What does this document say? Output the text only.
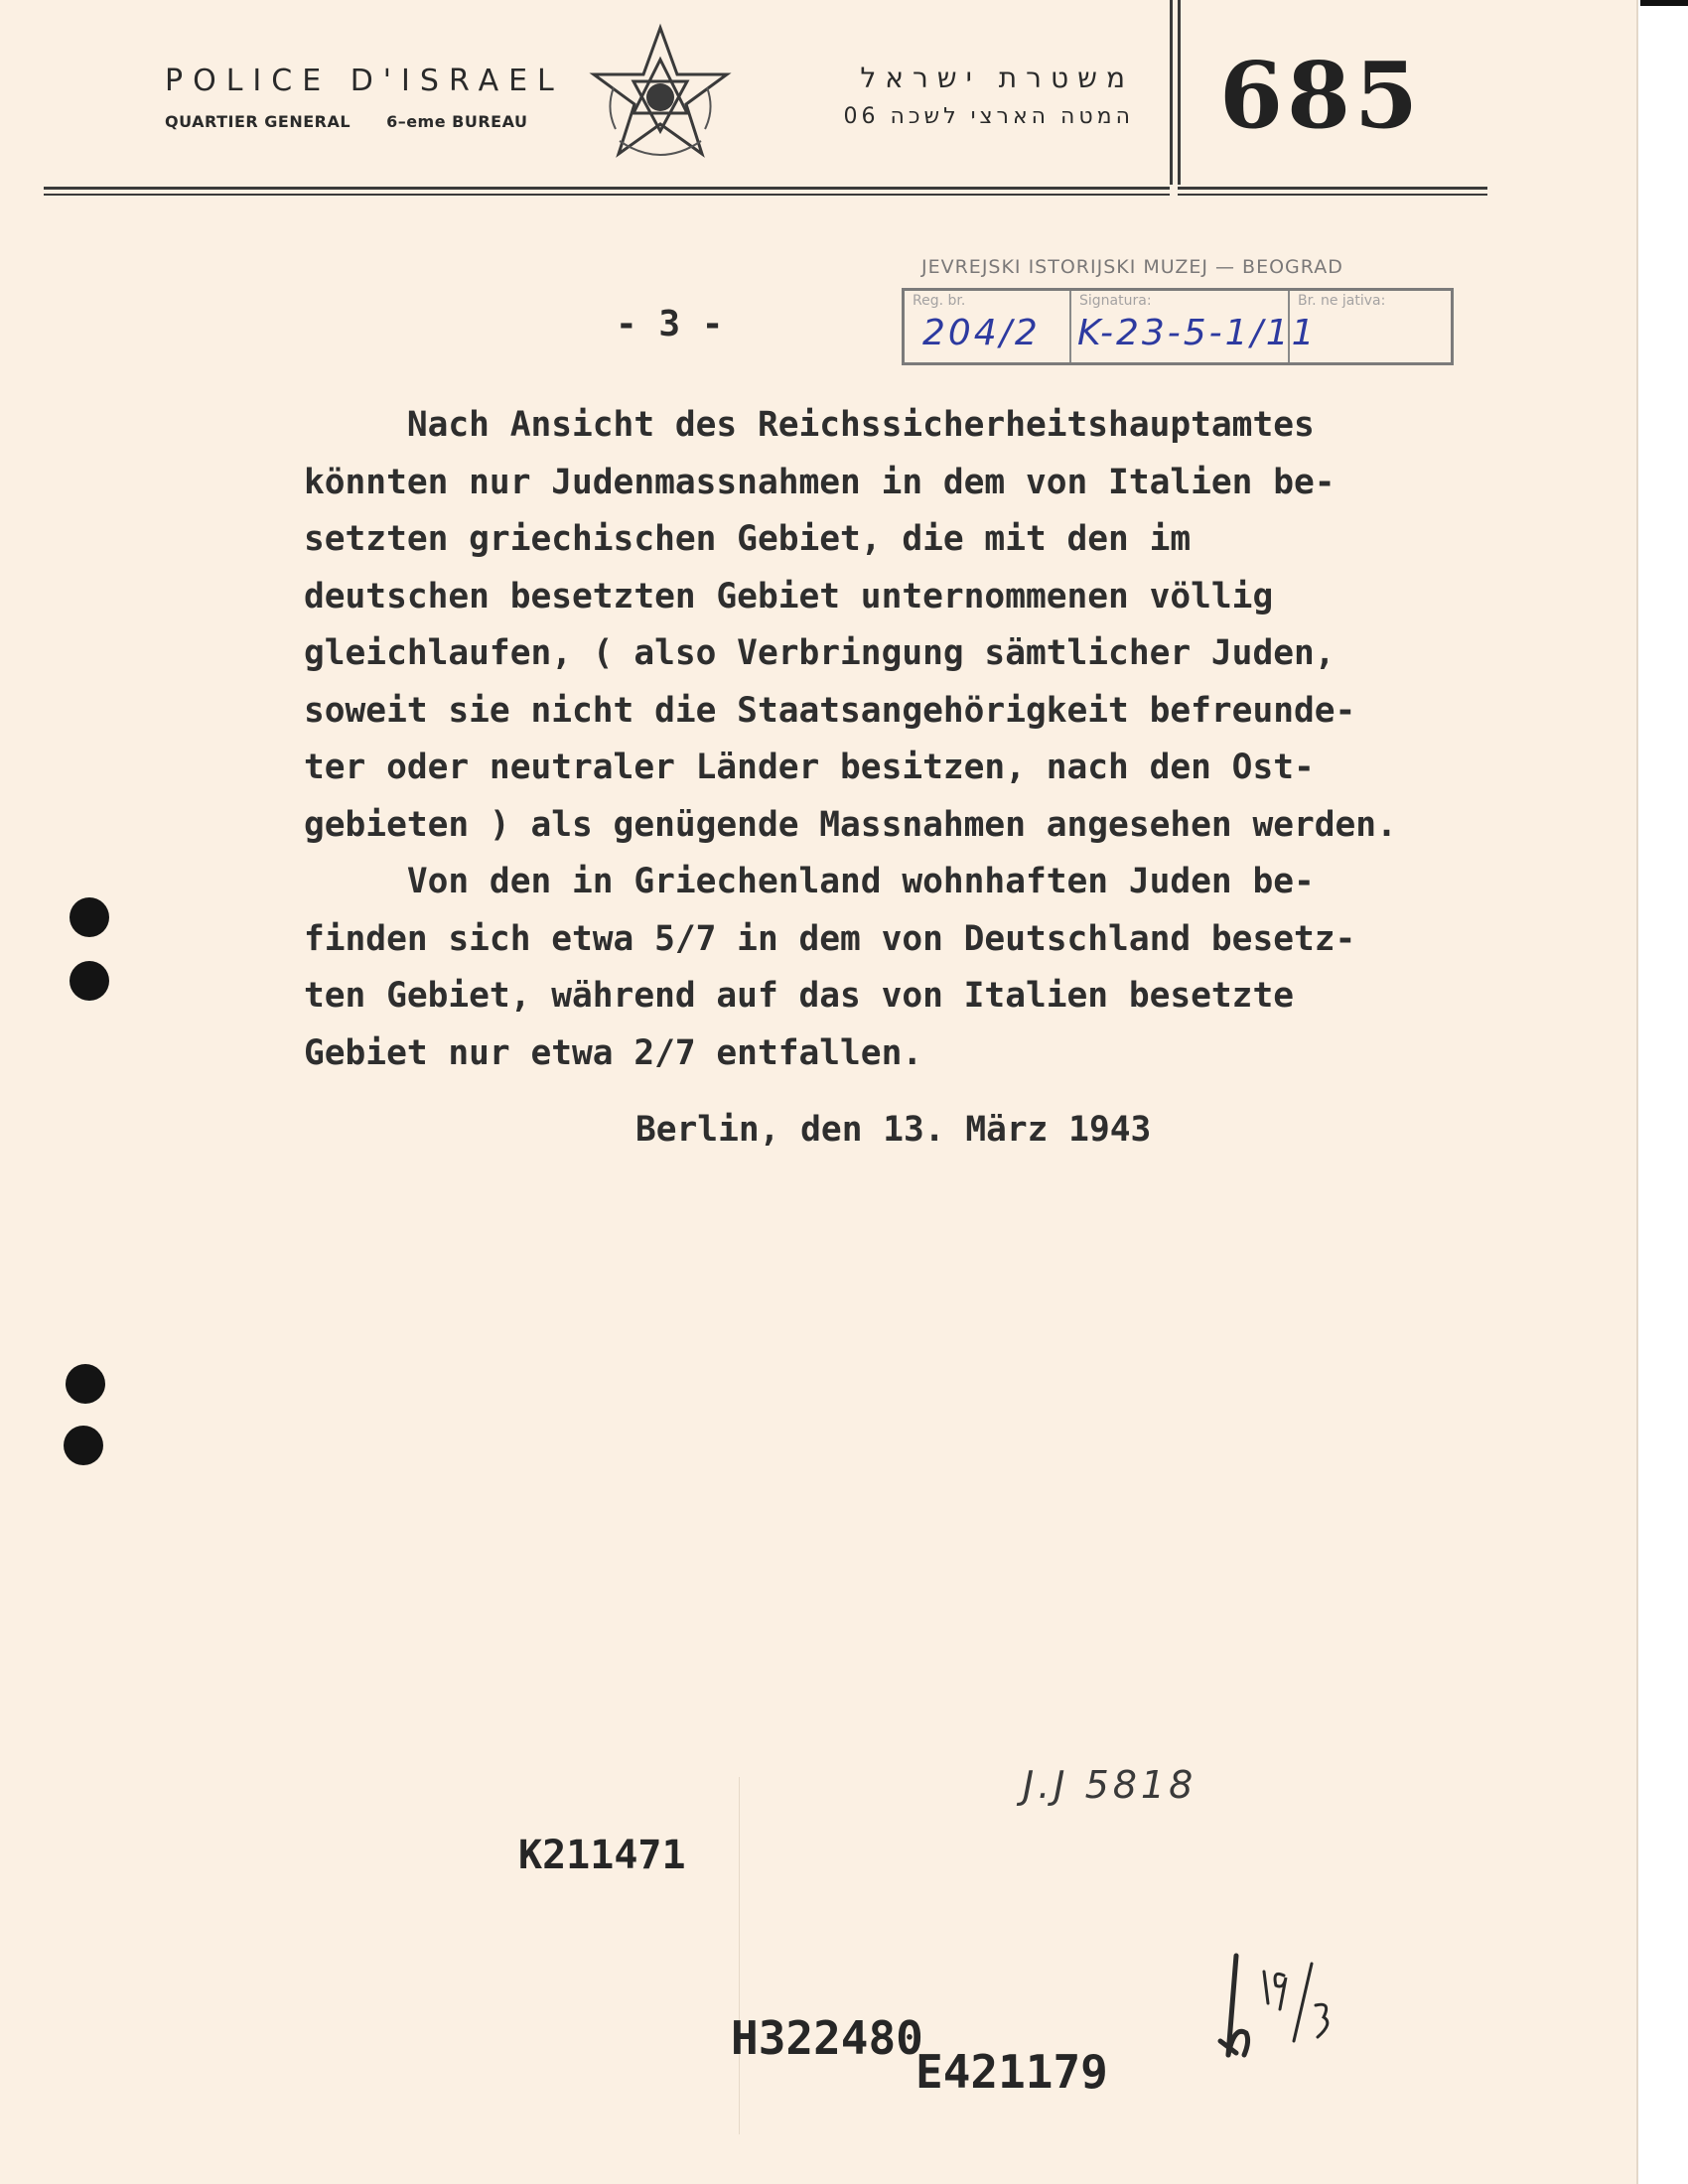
POLICE D'ISRAEL
QUARTIER GENERAL 6–eme BUREAU
משטרת ישראל
המטה הארצי לשכה 06 685
JEVREJSKI ISTORIJSKI MUZEJ — BEOGRAD
Reg. br.
204/2
Signatura:
K-23-5-1/11
Br. ne jativa:
- 3 -
Nach Ansicht des Reichssicherheitshauptamtes
könnten nur Judenmassnahmen in dem von Italien be-
setzten griechischen Gebiet, die mit den im
deutschen besetzten Gebiet unternommenen völlig
gleichlaufen, ( also Verbringung sämtlicher Juden,
soweit sie nicht die Staatsangehörigkeit befreunde-
ter oder neutraler Länder besitzen, nach den Ost-
gebieten ) als genügende Massnahmen angesehen werden.
Von den in Griechenland wohnhaften Juden be-
finden sich etwa 5/7 in dem von Deutschland besetz-
ten Gebiet, während auf das von Italien besetzte
Gebiet nur etwa 2/7 entfallen.
Berlin, den 13. März 1943
J.J 5818
K211471
H322480
E421179
